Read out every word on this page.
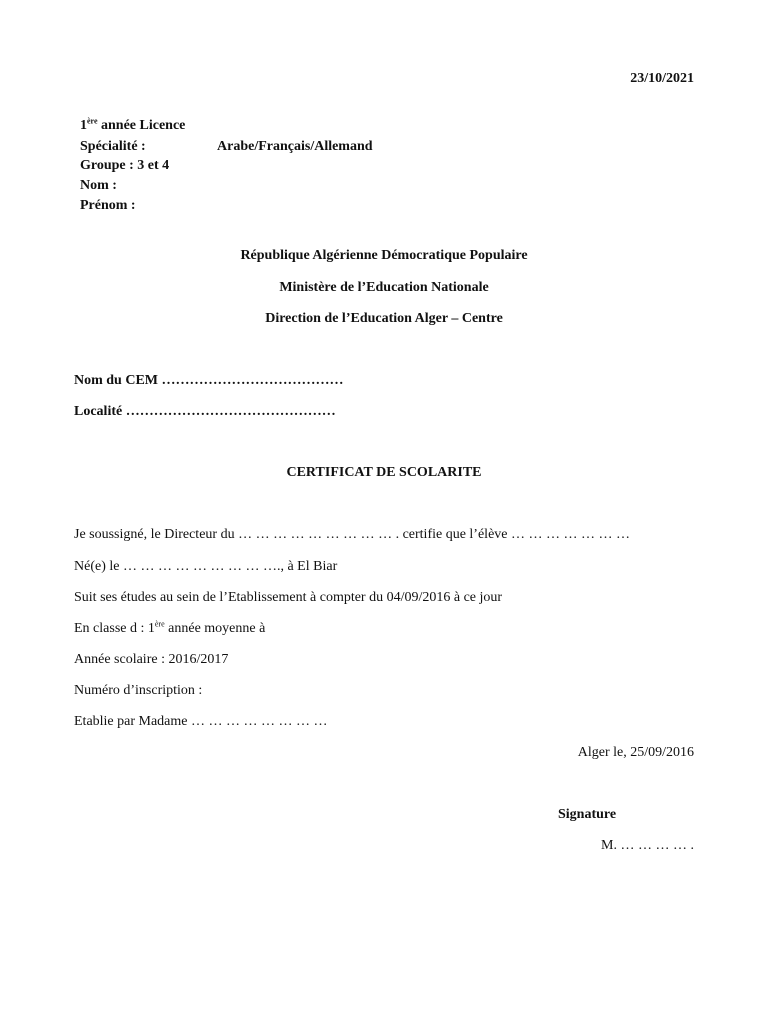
23/10/2021
1ère année Licence
Spécialité :	Arabe/Français/Allemand
Groupe : 3 et 4
Nom :
Prénom :
République Algérienne Démocratique Populaire
Ministère de l’Education Nationale
Direction de l’Education Alger – Centre
Nom du CEM …………………………………
Localité ………………………………………
CERTIFICAT DE SCOLARITE
Je soussigné, le Directeur du … … … … … … … … … . certifie que l’élève … … … … … … …
Né(e) le … … … … … … … … …., à El Biar
Suit ses études au sein de l’Etablissement à compter du 04/09/2016 à ce jour
En classe d : 1ère année moyenne à
Année scolaire : 2016/2017
Numéro d’inscription :
Etablie par Madame … … … … … … … …
Alger le, 25/09/2016
Signature
M. … … … … .
